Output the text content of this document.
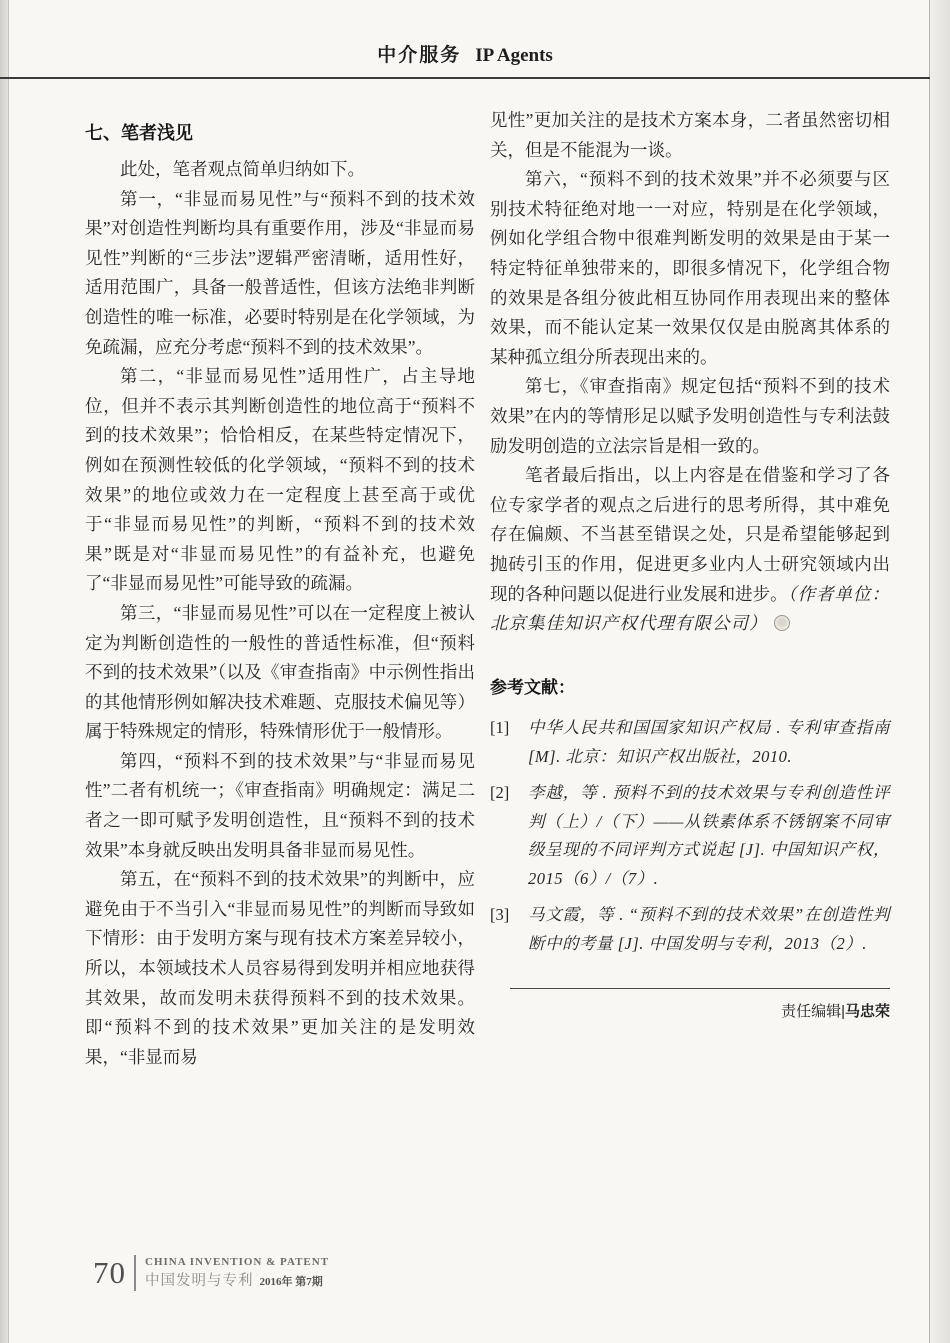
中介服务 IP Agents
七、笔者浅见

此处，笔者观点简单归纳如下。

第一，“非显而易见性”与“预料不到的技术效果”对创造性判断均具有重要作用，涉及“非显而易见性”判断的“三步法”逻辑严密清晰，适用性好，适用范围广，具备一般普适性，但该方法绝非判断创造性的唯一标准，必要时特别是在化学领域，为免疏漏，应充分考虑“预料不到的技术效果”。

第二，“非显而易见性”适用性广，占主导地位，但并不表示其判断创造性的地位高于“预料不到的技术效果”；恰恰相反，在某些特定情况下，例如在预测性较低的化学领域，“预料不到的技术效果”的地位或效力在一定程度上甚至高于或优于“非显而易见性”的判断，“预料不到的技术效果”既是对“非显而易见性”的有益补充，也避免了“非显而易见性”可能导致的疏漏。

第三，“非显而易见性”可以在一定程度上被认定为判断创造性的一般性的普适性标准，但“预料不到的技术效果”（以及《审查指南》中示例性指出的其他情形例如解决技术难题、克服技术偏见等）属于特殊规定的情形，特殊情形优于一般情形。

第四，“预料不到的技术效果”与“非显而易见性”二者有机统一；《审查指南》明确规定：满足二者之一即可赋予发明创造性，且“预料不到的技术效果”本身就反映出发明具备非显而易见性。

第五，在“预料不到的技术效果”的判断中，应避免由于不当引入“非显而易见性”的判断而导致如下情形：由于发明方案与现有技术方案差异较小，所以，本领域技术人员容易得到发明并相应地获得其效果，故而发明未获得预料不到的技术效果。即“预料不到的技术效果”更加关注的是发明效果，“非显而易

见性”更加关注的是技术方案本身，二者虽然密切相关，但是不能混为一谈。

第六，“预料不到的技术效果”并不必须要与区别技术特征绝对地一一对应，特别是在化学领域，例如化学组合物中很难判断发明的效果是由于某一特定特征单独带来的，即很多情况下，化学组合物的效果是各组分彼此相互协同作用表现出来的整体效果，而不能认定某一效果仅仅是由脱离其体系的某种孤立组分所表现出来的。

第七，《审查指南》规定包括“预料不到的技术效果”在内的等情形足以赋予发明创造性与专利法鼓励发明创造的立法宗旨是相一致的。

笔者最后指出，以上内容是在借鉴和学习了各位专家学者的观点之后进行的思考所得，其中难免存在偏颇、不当甚至错误之处，只是希望能够起到抛砖引玉的作用，促进更多业内人士研究领域内出现的各种问题以促进行业发展和进步。（作者单位：北京集佳知识产权代理有限公司）

参考文献：
[1]	中华人民共和国国家知识产权局 . 专利审查指南 [M]. 北京：知识产权出版社，2010.
[2]	李越，等 . 预料不到的技术效果与专利创造性评判（上）/（下）——从铁素体系不锈钢案不同审级呈现的不同评判方式说起 [J]. 中国知识产权，2015（6）/（7）.
[3]	马文霞，等 . “预料不到的技术效果”在创造性判断中的考量 [J]. 中国发明与专利，2013（2）.
责任编辑|马忠荣
70 CHINA INVENTION & PATENT
中国发明与专利 2016年 第7期
